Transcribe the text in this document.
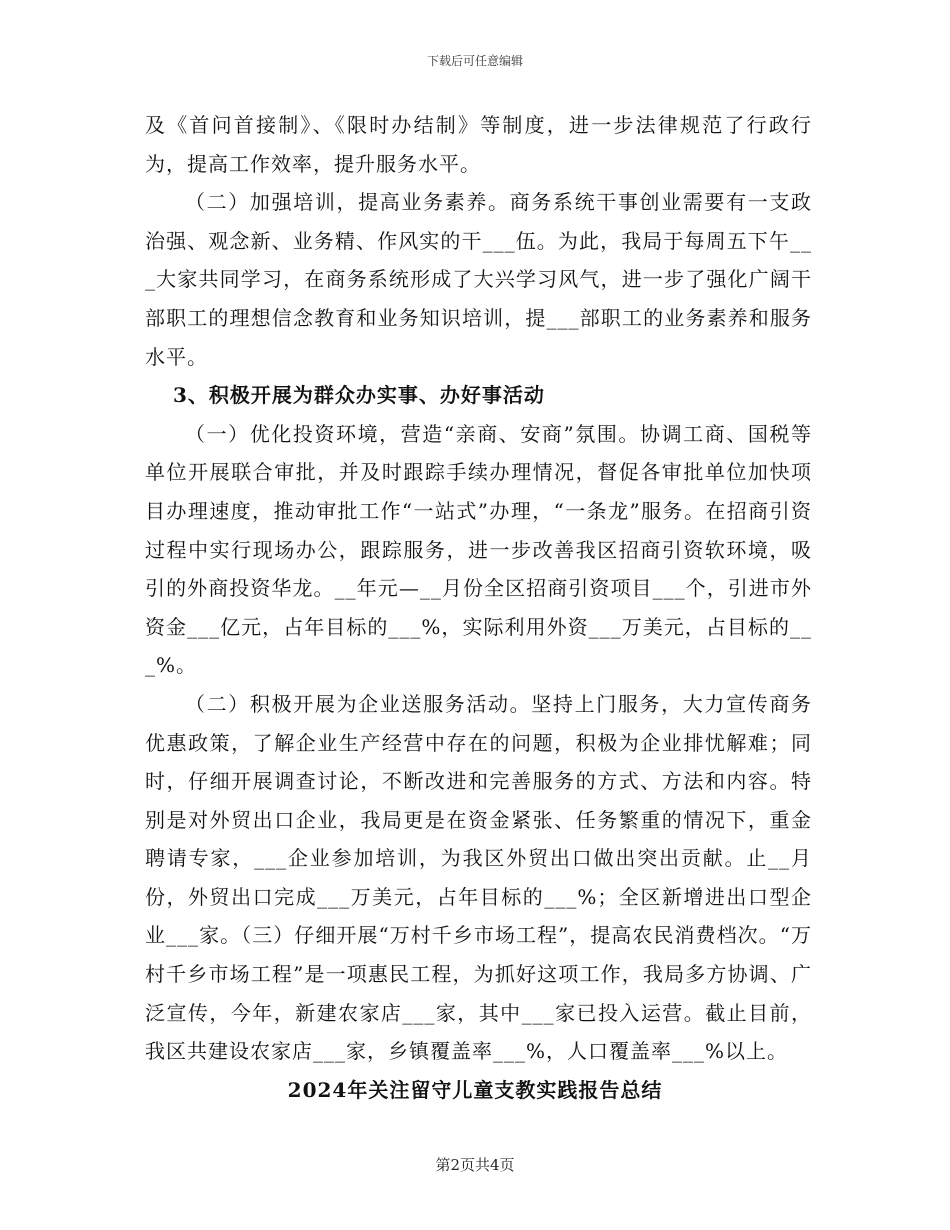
下载后可任意编辑

及《首问首接制》、《限时办结制》等制度，进一步法律规范了行政行为，提高工作效率，提升服务水平。

（二）加强培训，提高业务素养。商务系统干事创业需要有一支政治强、观念新、业务精、作风实的干___伍。为此，我局于每周五下午___大家共同学习，在商务系统形成了大兴学习风气，进一步了强化广阔干部职工的理想信念教育和业务知识培训，提___部职工的业务素养和服务水平。

3、积极开展为群众办实事、办好事活动

（一）优化投资环境，营造“亲商、安商”氛围。协调工商、国税等单位开展联合审批，并及时跟踪手续办理情况，督促各审批单位加快项目办理速度，推动审批工作“一站式”办理，“一条龙”服务。在招商引资过程中实行现场办公，跟踪服务，进一步改善我区招商引资软环境，吸引的外商投资华龙。__年元—__月份全区招商引资项目___个，引进市外资金___亿元，占年目标的___%，实际利用外资___万美元，占目标的___%。

（二）积极开展为企业送服务活动。坚持上门服务，大力宣传商务优惠政策，了解企业生产经营中存在的问题，积极为企业排忧解难；同时，仔细开展调查讨论，不断改进和完善服务的方式、方法和内容。特别是对外贸出口企业，我局更是在资金紧张、任务繁重的情况下，重金聘请专家，___企业参加培训，为我区外贸出口做出突出贡献。止__月份，外贸出口完成___万美元，占年目标的___%；全区新增进出口型企业___家。（三）仔细开展“万村千乡市场工程”，提高农民消费档次。“万村千乡市场工程”是一项惠民工程，为抓好这项工作，我局多方协调、广泛宣传，今年，新建农家店___家，其中___家已投入运营。截止目前，我区共建设农家店___家，乡镇覆盖率___%，人口覆盖率___%以上。

2024年关注留守儿童支教实践报告总结
第2页共4页
